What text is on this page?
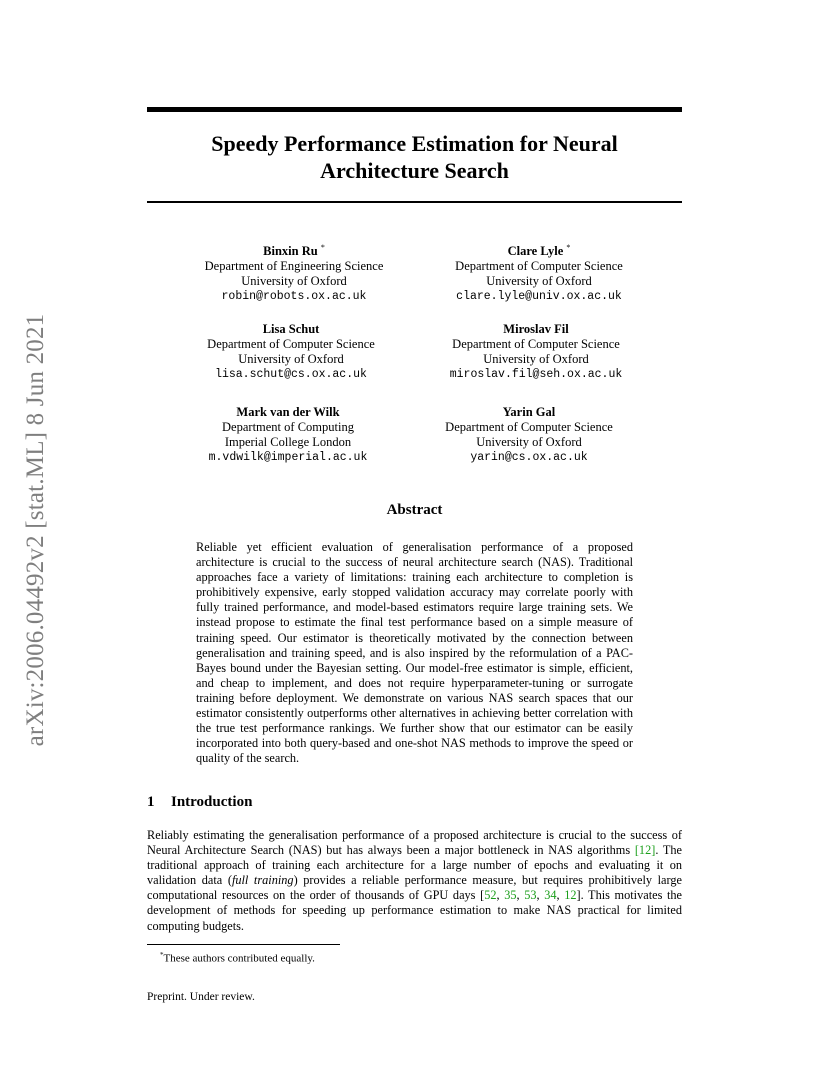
arXiv:2006.04492v2 [stat.ML] 8 Jun 2021
Speedy Performance Estimation for Neural
Architecture Search
Binxin Ru *
Department of Engineering Science
University of Oxford
robin@robots.ox.ac.uk
Clare Lyle *
Department of Computer Science
University of Oxford
clare.lyle@univ.ox.ac.uk
Lisa Schut
Department of Computer Science
University of Oxford
lisa.schut@cs.ox.ac.uk
Miroslav Fil
Department of Computer Science
University of Oxford
miroslav.fil@seh.ox.ac.uk
Mark van der Wilk
Department of Computing
Imperial College London
m.vdwilk@imperial.ac.uk
Yarin Gal
Department of Computer Science
University of Oxford
yarin@cs.ox.ac.uk
Abstract
Reliable yet efficient evaluation of generalisation performance of a proposed architecture is crucial to the success of neural architecture search (NAS). Traditional approaches face a variety of limitations: training each architecture to completion is prohibitively expensive, early stopped validation accuracy may correlate poorly with fully trained performance, and model-based estimators require large training sets. We instead propose to estimate the final test performance based on a simple measure of training speed. Our estimator is theoretically motivated by the connection between generalisation and training speed, and is also inspired by the reformulation of a PAC-Bayes bound under the Bayesian setting. Our model-free estimator is simple, efficient, and cheap to implement, and does not require hyperparameter-tuning or surrogate training before deployment. We demonstrate on various NAS search spaces that our estimator consistently outperforms other alternatives in achieving better correlation with the true test performance rankings. We further show that our estimator can be easily incorporated into both query-based and one-shot NAS methods to improve the speed or quality of the search.
1 Introduction
Reliably estimating the generalisation performance of a proposed architecture is crucial to the success of Neural Architecture Search (NAS) but has always been a major bottleneck in NAS algorithms [12]. The traditional approach of training each architecture for a large number of epochs and evaluating it on validation data (full training) provides a reliable performance measure, but requires prohibitively large computational resources on the order of thousands of GPU days [52, 35, 53, 34, 12]. This motivates the development of methods for speeding up performance estimation to make NAS practical for limited computing budgets.
*These authors contributed equally.
Preprint. Under review.
